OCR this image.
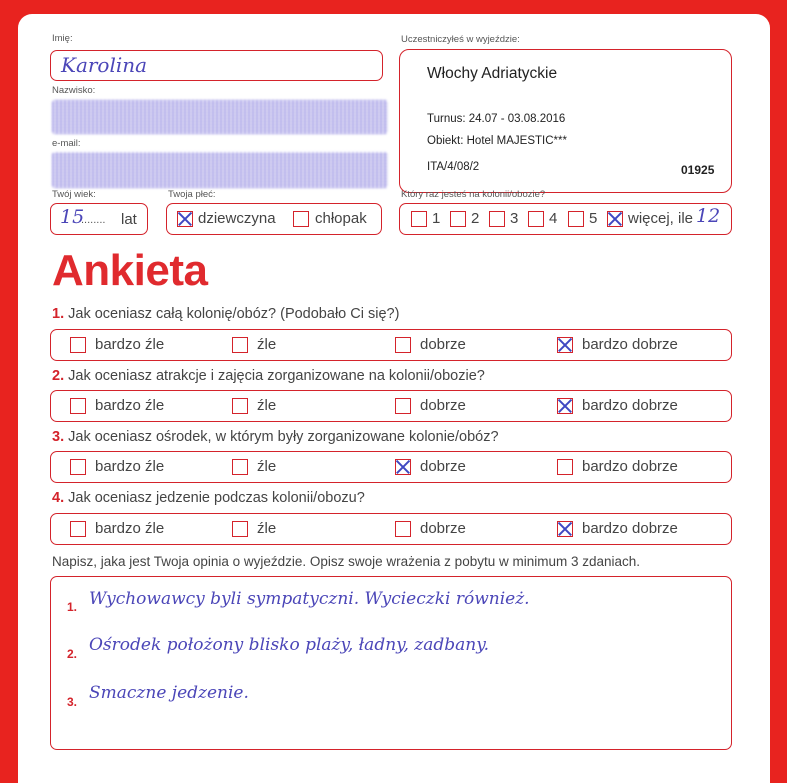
Imię:
Karolina
Nazwisko:
e-mail:
Twój wiek:
15
........ lat
Twoja płeć:
dziewczyna	chłopak
Uczestniczyłeś w wyjeździe:
Włochy Adriatyckie
Turnus: 24.07 - 03.08.2016
Obiekt: Hotel MAJESTIC***
ITA/4/08/2	01925
Który raz jesteś na kolonii/obozie?
1 2 3 4 5 więcej, ile 12
Ankieta
1. Jak oceniasz całą kolonię/obóz? (Podobało Ci się?)
bardzo źle	źle	dobrze	bardzo dobrze
2. Jak oceniasz atrakcje i zajęcia zorganizowane na kolonii/obozie?
bardzo źle	źle	dobrze	bardzo dobrze
3. Jak oceniasz ośrodek, w którym były zorganizowane kolonie/obóz?
bardzo źle	źle	dobrze	bardzo dobrze
4. Jak oceniasz jedzenie podczas kolonii/obozu?
bardzo źle	źle	dobrze	bardzo dobrze
Napisz, jaka jest Twoja opinia o wyjeździe. Opisz swoje wrażenia z pobytu w minimum 3 zdaniach.
1. Wychowawcy byli sympatyczni. Wycieczki również.
2. Ośrodek położony blisko plaży, ładny, zadbany.
3. Smaczne jedzenie.
